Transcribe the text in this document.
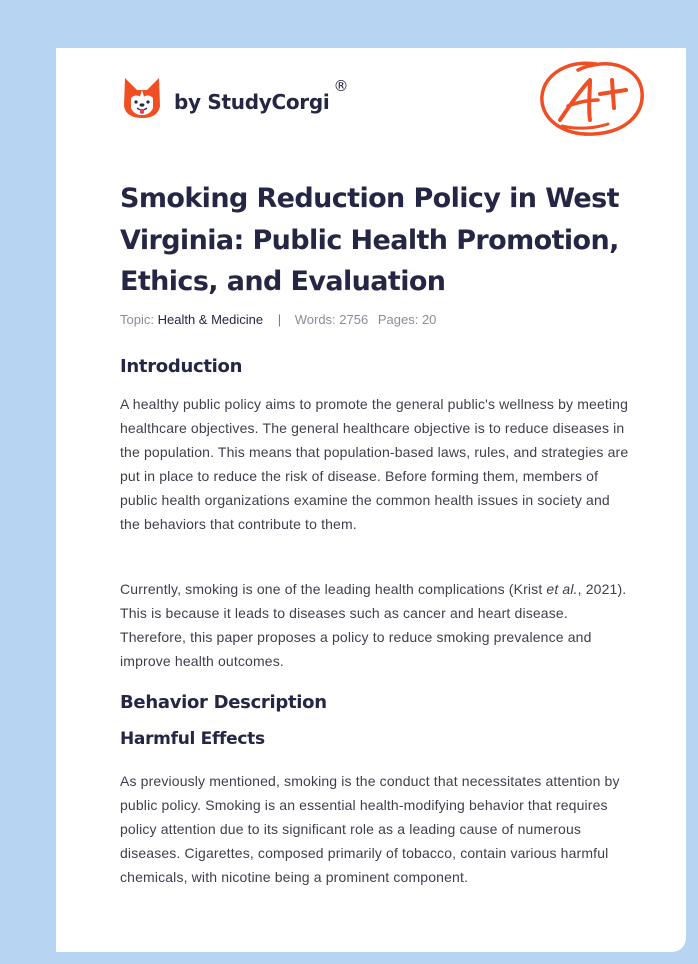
by StudyCorgi
®
Smoking Reduction Policy in West Virginia: Public Health Promotion, Ethics, and Evaluation
Topic: Health & Medicine | Words: 2756 Pages: 20
Introduction

A healthy public policy aims to promote the general public's wellness by meeting healthcare objectives. The general healthcare objective is to reduce diseases in the population. This means that population-based laws, rules, and strategies are put in place to reduce the risk of disease. Before forming them, members of public health organizations examine the common health issues in society and the behaviors that contribute to them.

Currently, smoking is one of the leading health complications (Krist et al., 2021). This is because it leads to diseases such as cancer and heart disease. Therefore, this paper proposes a policy to reduce smoking prevalence and improve health outcomes.

Behavior Description
Harmful Effects

As previously mentioned, smoking is the conduct that necessitates attention by public policy. Smoking is an essential health-modifying behavior that requires policy attention due to its significant role as a leading cause of numerous diseases. Cigarettes, composed primarily of tobacco, contain various harmful chemicals, with nicotine being a prominent component.
